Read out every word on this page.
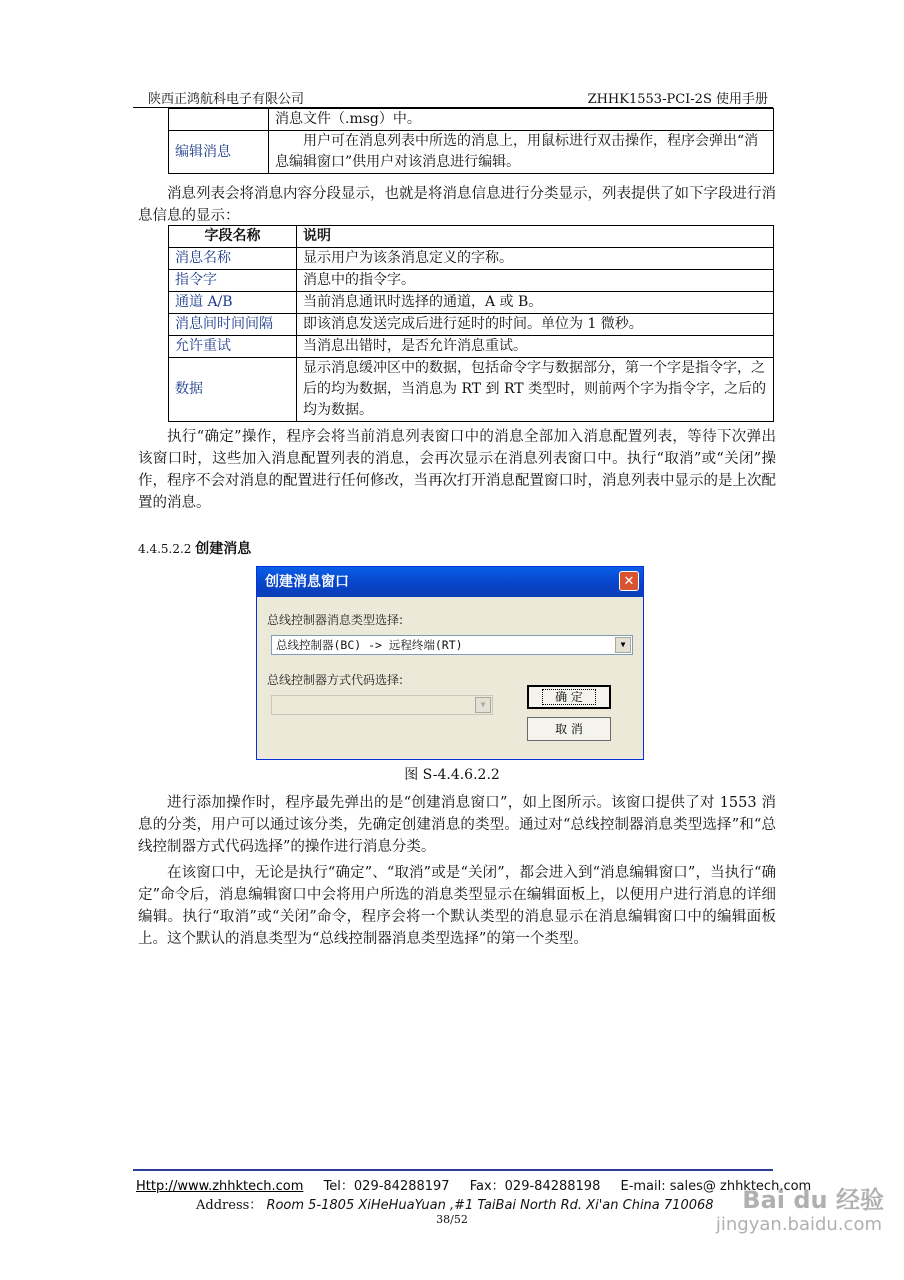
陕西正鸿航科电子有限公司	ZHHK1553-PCI-2S 使用手册
	消息文件（.msg）中。
编辑消息	用户可在消息列表中所选的消息上，用鼠标进行双击操作，程序会弹出“消息编辑窗口”供用户对该消息进行编辑。

消息列表会将消息内容分段显示，也就是将消息信息进行分类显示，列表提供了如下字段进行消息信息的显示：

字段名称	说明
消息名称	显示用户为该条消息定义的字称。
指令字	消息中的指令字。
通道 A/B	当前消息通讯时选择的通道，A 或 B。
消息间时间间隔	即该消息发送完成后进行延时的时间。单位为 1 微秒。
允许重试	当消息出错时，是否允许消息重试。
数据	显示消息缓冲区中的数据，包括命令字与数据部分，第一个字是指令字，之后的均为数据，当消息为 RT 到 RT 类型时，则前两个字为指令字，之后的均为数据。

执行“确定”操作，程序会将当前消息列表窗口中的消息全部加入消息配置列表，等待下次弹出该窗口时，这些加入消息配置列表的消息，会再次显示在消息列表窗口中。执行“取消”或“关闭”操作，程序不会对消息的配置进行任何修改，当再次打开消息配置窗口时，消息列表中显示的是上次配置的消息。

4.4.5.2.2 创建消息
创建消息窗口	✕
总线控制器消息类型选择:
总线控制器(BC) -> 远程终端(RT)	▼
总线控制器方式代码选择:
▼
确 定
取 消
图 S-4.4.6.2.2

进行添加操作时，程序最先弹出的是“创建消息窗口”，如上图所示。该窗口提供了对 1553 消息的分类，用户可以通过该分类，先确定创建消息的类型。通过对“总线控制器消息类型选择”和“总线控制器方式代码选择”的操作进行消息分类。

在该窗口中，无论是执行“确定”、“取消”或是“关闭”，都会进入到“消息编辑窗口”，当执行“确定”命令后，消息编辑窗口中会将用户所选的消息类型显示在编辑面板上，以便用户进行消息的详细编辑。执行“取消”或“关闭”命令，程序会将一个默认类型的消息显示在消息编辑窗口中的编辑面板上。这个默认的消息类型为“总线控制器消息类型选择”的第一个类型。

Http://www.zhhktech.com Tel：029-84288197 Fax：029-84288198 E-mail: sales@ zhhktech.com
Address： Room 5-1805 XiHeHuaYuan ,#1 TaiBai North Rd. Xi'an China 710068
38/52
Bai du 经验
jingyan.baidu.com
